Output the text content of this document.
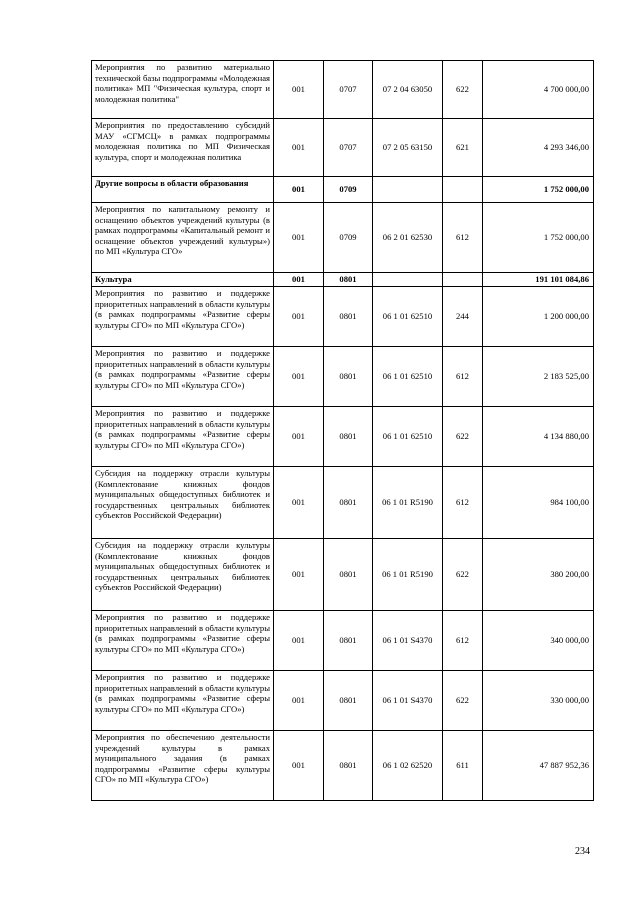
Мероприятия по развитию материально технической базы подпрограммы «Молодежная политика» МП "Физическая культура, спорт и молодежная политика"	001	0707	07 2 04 63050	622	4 700 000,00
Мероприятия по предоставлению субсидий МАУ «СГМСЦ» в рамках подпрограммы молодежная политика по МП Физическая культура, спорт и молодежная политика	001	0707	07 2 05 63150	621	4 293 346,00
Другие вопросы в области образования	001	0709			1 752 000,00
Мероприятия по капитальному ремонту и оснащению объектов учреждений культуры (в рамках подпрограммы «Капитальный ремонт и оснащение объектов учреждений культуры») по МП «Культура СГО»	001	0709	06 2 01 62530	612	1 752 000,00
Культура	001	0801			191 101 084,86
Мероприятия по развитию и поддержке приоритетных направлений в области культуры (в рамках подпрограммы «Развитие сферы культуры СГО» по МП «Культура СГО»)	001	0801	06 1 01 62510	244	1 200 000,00
Мероприятия по развитию и поддержке приоритетных направлений в области культуры (в рамках подпрограммы «Развитие сферы культуры СГО» по МП «Культура СГО»)	001	0801	06 1 01 62510	612	2 183 525,00
Мероприятия по развитию и поддержке приоритетных направлений в области культуры (в рамках подпрограммы «Развитие сферы культуры СГО» по МП «Культура СГО»)	001	0801	06 1 01 62510	622	4 134 880,00
Субсидия на поддержку отрасли культуры (Комплектование книжных фондов муниципальных общедоступных библиотек и государственных центральных библиотек субъектов Российской Федерации)	001	0801	06 1 01 R5190	612	984 100,00
Субсидия на поддержку отрасли культуры (Комплектование книжных фондов муниципальных общедоступных библиотек и государственных центральных библиотек субъектов Российской Федерации)	001	0801	06 1 01 R5190	622	380 200,00
Мероприятия по развитию и поддержке приоритетных направлений в области культуры (в рамках подпрограммы «Развитие сферы культуры СГО» по МП «Культура СГО»)	001	0801	06 1 01 S4370	612	340 000,00
Мероприятия по развитию и поддержке приоритетных направлений в области культуры (в рамках подпрограммы «Развитие сферы культуры СГО» по МП «Культура СГО»)	001	0801	06 1 01 S4370	622	330 000,00
Мероприятия по обеспечению деятельности учреждений культуры в рамках муниципального задания (в рамках подпрограммы «Развитие сферы культуры СГО» по МП «Культура СГО»)	001	0801	06 1 02 62520	611	47 887 952,36
234
